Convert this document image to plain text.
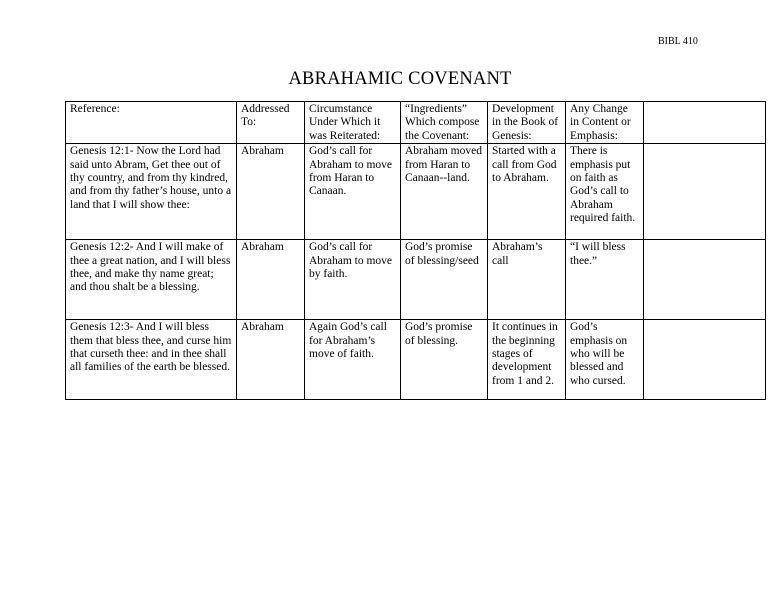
BIBL 410
ABRAHAMIC COVENANT
Reference:	Addressed To:	Circumstance Under Which it was Reiterated:	“Ingredients” Which compose the Covenant:	Development in the Book of Genesis:	Any Change in Content or Emphasis:	
Genesis 12:1- Now the Lord had said unto Abram, Get thee out of thy country, and from thy kindred, and from thy father’s house, unto a land that I will show thee:	Abraham	God’s call for Abraham to move from Haran to Canaan.	Abraham moved from Haran to Canaan--land.	Started with a call from God to Abraham.	There is emphasis put on faith as God’s call to Abraham required faith.	
Genesis 12:2- And I will make of thee a great nation, and I will bless thee, and make thy name great; and thou shalt be a blessing.	Abraham	God’s call for Abraham to move by faith.	God’s promise of blessing/seed	Abraham’s call	“I will bless thee.”	
Genesis 12:3- And I will bless them that bless thee, and curse him that curseth thee: and in thee shall all families of the earth be blessed.	Abraham	Again God’s call for Abraham’s move of faith.	God’s promise of blessing.	It continues in the beginning stages of development from 1 and 2.	God’s emphasis on who will be blessed and who cursed.	
